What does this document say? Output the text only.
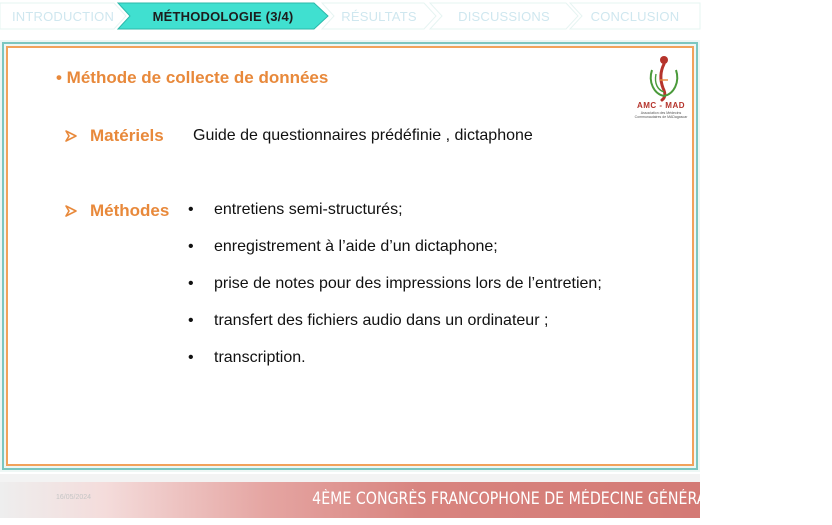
INTRODUCTION	MÉTHODOLOGIE (3/4)	RÉSULTATS	DISCUSSIONS	CONCLUSION
• Méthode de collecte de données
Matériels Guide de questionnaires prédéfinie , dictaphone
Méthodes •	entretiens semi-structurés;
•	enregistrement à l’aide d’un dictaphone;
•	prise de notes pour des impressions lors de l’entretien;
•	transfert des fichiers audio dans un ordinateur ;
•	transcription.
AMC - MAD
Association des Médecins Communautaires de MADagascar
16/05/2024	4ÈME CONGRÈS FRANCOPHONE DE MÉDECINE GÉNÉRALE OCÉAN INDIEN
